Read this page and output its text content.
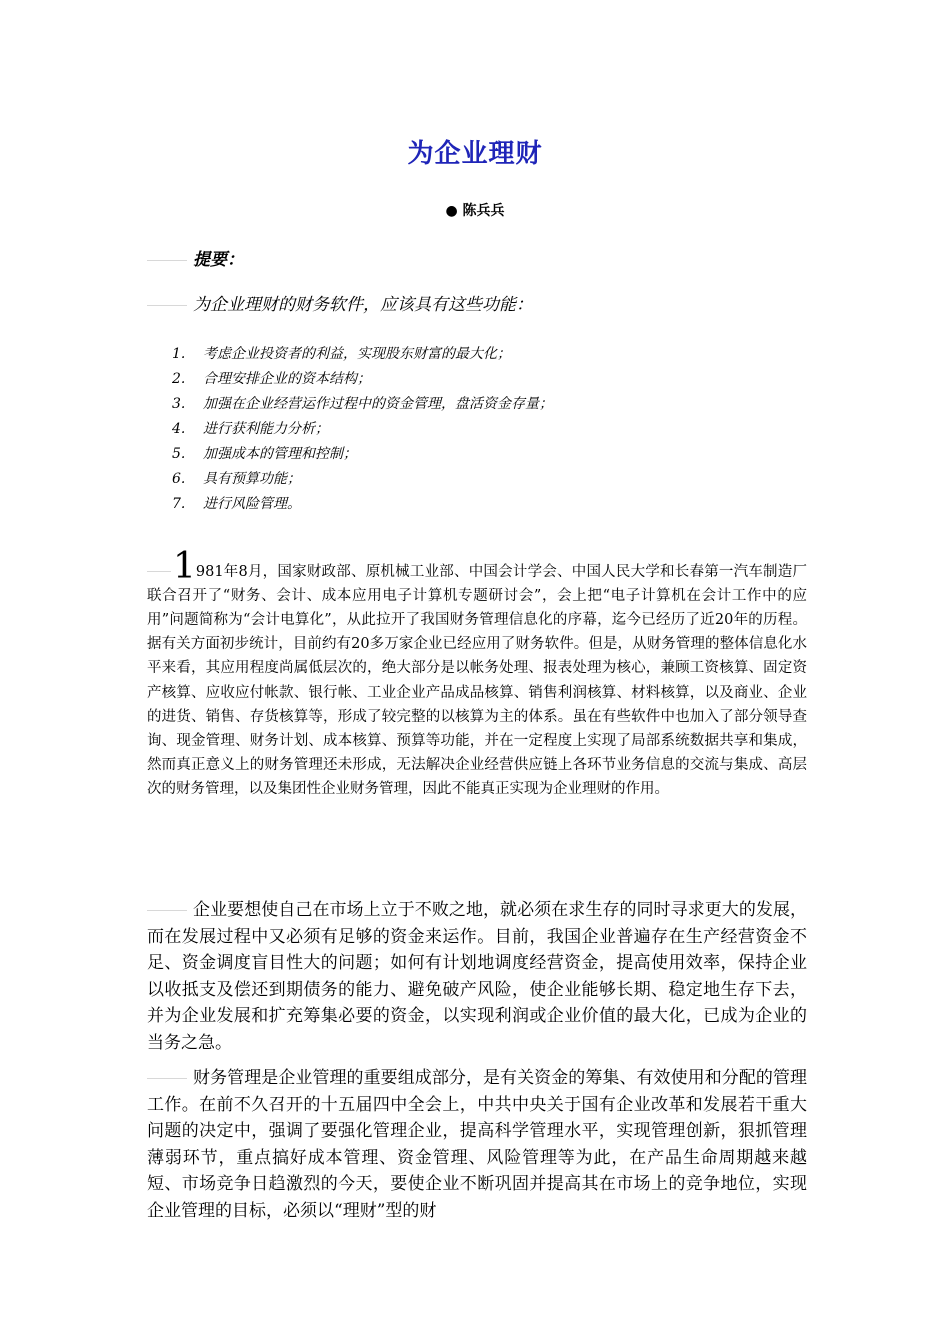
为企业理财
● 陈兵兵
提要：
为企业理财的财务软件，应该具有这些功能：
1.	考虑企业投资者的利益，实现股东财富的最大化；
2.	合理安排企业的资本结构；
3.	加强在企业经营运作过程中的资金管理，盘活资金存量；
4.	进行获利能力分析；
5.	加强成本的管理和控制；
6.	具有预算功能；
7.	进行风险管理。

1981年8月，国家财政部、原机械工业部、中国会计学会、中国人民大学和长春第一汽车制造厂联合召开了“财务、会计、成本应用电子计算机专题研讨会”，会上把“电子计算机在会计工作中的应用”问题简称为“会计电算化”，从此拉开了我国财务管理信息化的序幕，迄今已经历了近20年的历程。据有关方面初步统计，目前约有20多万家企业已经应用了财务软件。但是，从财务管理的整体信息化水平来看，其应用程度尚属低层次的，绝大部分是以帐务处理、报表处理为核心，兼顾工资核算、固定资产核算、应收应付帐款、银行帐、工业企业产品成品核算、销售利润核算、材料核算，以及商业、企业的进货、销售、存货核算等，形成了较完整的以核算为主的体系。虽在有些软件中也加入了部分领导查询、现金管理、财务计划、成本核算、预算等功能，并在一定程度上实现了局部系统数据共享和集成，然而真正意义上的财务管理还未形成，无法解决企业经营供应链上各环节业务信息的交流与集成、高层次的财务管理，以及集团性企业财务管理，因此不能真正实现为企业理财的作用。

企业要想使自己在市场上立于不败之地，就必须在求生存的同时寻求更大的发展，而在发展过程中又必须有足够的资金来运作。目前，我国企业普遍存在生产经营资金不足、资金调度盲目性大的问题；如何有计划地调度经营资金，提高使用效率，保持企业以收抵支及偿还到期债务的能力、避免破产风险，使企业能够长期、稳定地生存下去，并为企业发展和扩充筹集必要的资金，以实现利润或企业价值的最大化，已成为企业的当务之急。

财务管理是企业管理的重要组成部分，是有关资金的筹集、有效使用和分配的管理工作。在前不久召开的十五届四中全会上，中共中央关于国有企业改革和发展若干重大问题的决定中，强调了要强化管理企业，提高科学管理水平，实现管理创新，狠抓管理薄弱环节，重点搞好成本管理、资金管理、风险管理等为此，在产品生命周期越来越短、市场竞争日趋激烈的今天，要使企业不断巩固并提高其在市场上的竞争地位，实现企业管理的目标，必须以“理财”型的财
